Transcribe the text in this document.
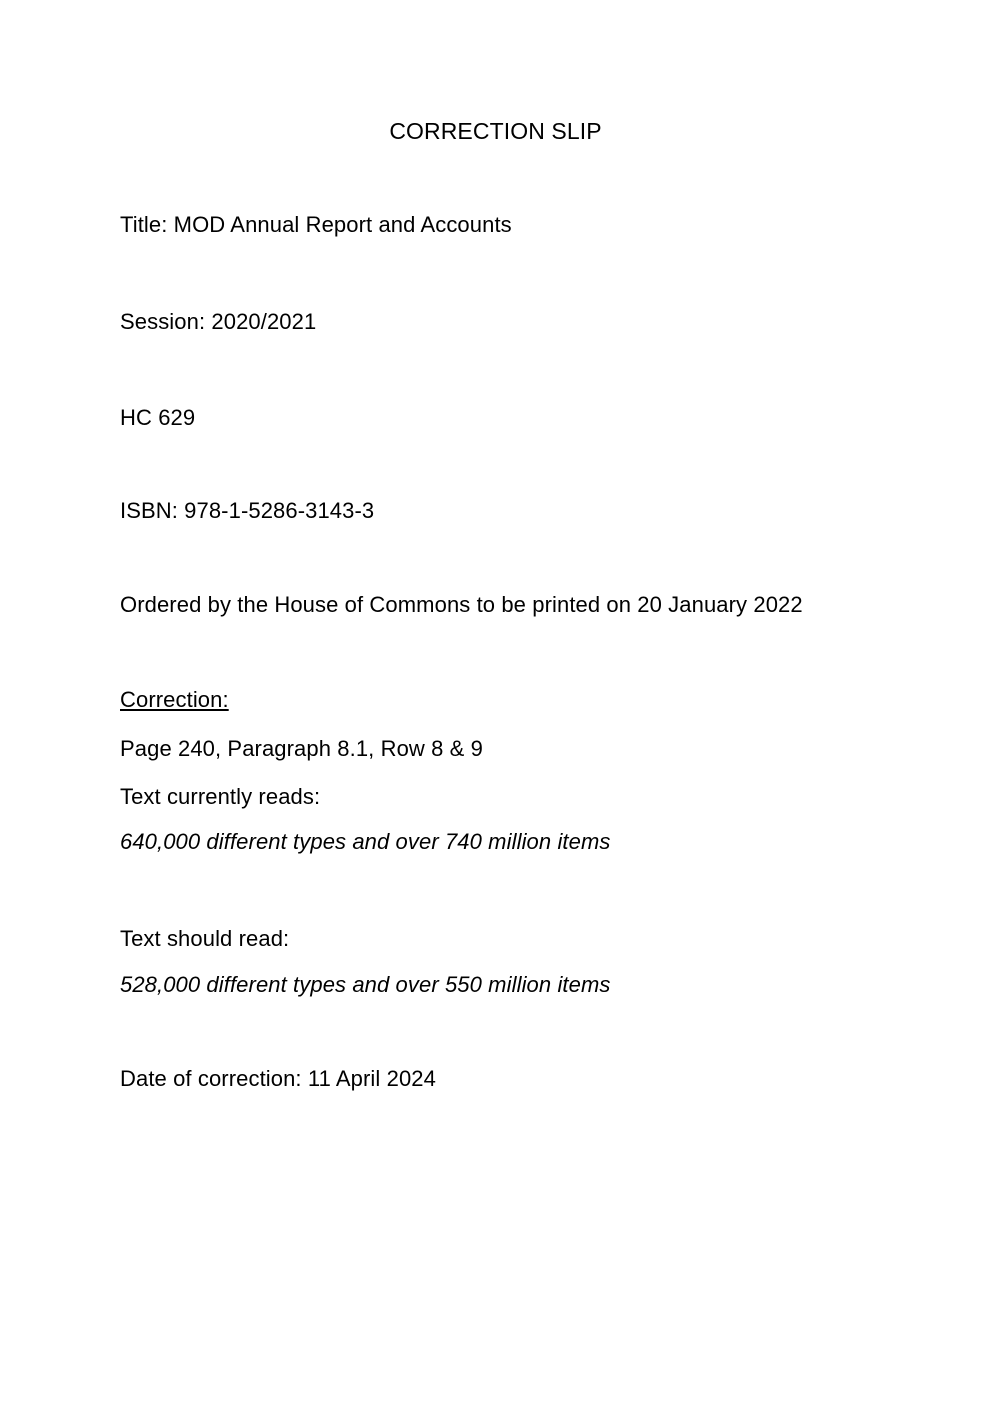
CORRECTION SLIP
Title: MOD Annual Report and Accounts
Session: 2020/2021
HC 629
ISBN: 978-1-5286-3143-3
Ordered by the House of Commons to be printed on 20 January 2022
Correction:
Page 240, Paragraph 8.1, Row 8 & 9
Text currently reads:
640,000 different types and over 740 million items
Text should read:
528,000 different types and over 550 million items
Date of correction: 11 April 2024
